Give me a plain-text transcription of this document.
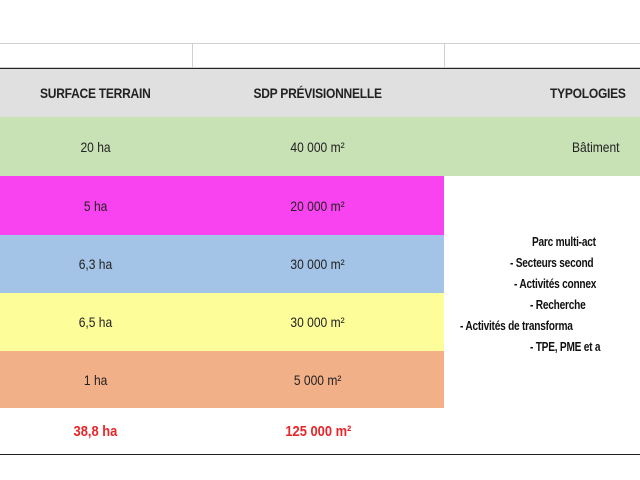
SURFACE TERRAIN	SDP PRÉVISIONNELLE	TYPOLOGIES
20 ha	40 000 m²	Bâtiment
5 ha	20 000 m²
6,3 ha	30 000 m²
6,5 ha	30 000 m²
1 ha	5 000 m²
Parc multi-act
- Secteurs second
- Activités connex
- Recherche
- Activités de transforma
- TPE, PME et a
38,8 ha	125 000 m²
